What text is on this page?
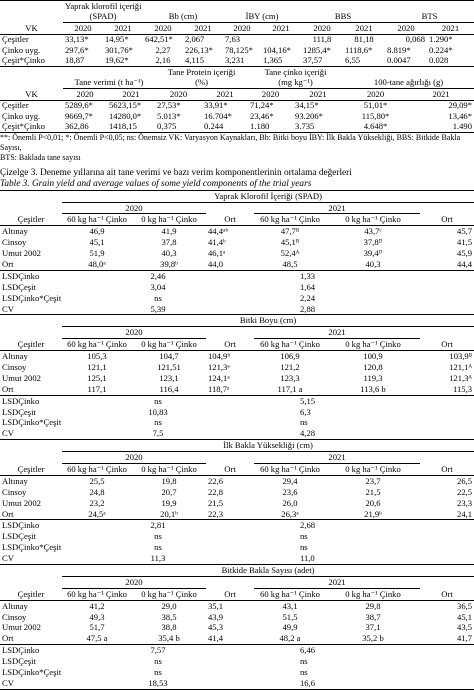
VK	Yaprak klorofil içeriği		Bb (cm)		İBY (cm)		BBS		BTS	
	(SPAD)									
	2020	2021	2020	2021	2020	2021	2020	2021	2020	2021
Çeşitler	33,13*	14,95*	642,51*	2,067	7,63		111,8	81,18	0,068	1.290*
Çinko uyg.	297,6*	301,76*	2,27	226,13*	78,125*	104,16*	1285,4*	1118,6*	8.819*	0.224*
Çeşit*Çinko	18,87	19,62*	2,16	4,115	3,231	1,365	37,57	6,55	0.0047	0.028
VK	Tane verimi (t ha⁻¹)		Tane Protein içeriği		Tane çinko içeriği		100-tane ağırlığı (g)	
			(%)		(mg kg⁻¹)			
	2020	2021	2020	2021	2020	2021	2020	2021
Çeşitler	5289,6*	5623,15*	27,53*	33,91*	71,24*	34,15*	51,01*	29,09*
Çinko uyg.	9669,7*	14280,0*	5.013*	16.704*	23,46*	93.206*	115,80*	13,46*
Çeşit*Çinko	362,86	1418,15	0,375	0.244	1.180	3.735	4.648*	1.490
**: Önemli P<0,01; *: Önemli P<0,05; ns: Önemsiz VK: Varyasyon Kaynakları, Bb: Bitki boyu İBY: İlk Bakla Yüksekliği, BBS: Bitkide Bakla Sayısı,
BTS: Baklada tane sayısı
Çizelge 3. Deneme yıllarına ait tane verimi ve bazı verim komponentlerinin ortalama değerleri
Table 3. Grain yield and average values of some yield components of the trial years
	Yaprak Klorofil İçeriği (SPAD)					
Çeşitler	2020		Ort	2021		Ort
	60 kg ha⁻¹ Çinko	0 kg ha⁻¹ Çinko		60 kg ha⁻¹ Çinko	0 kg ha⁻¹ Çinko	
Altınay	46,9	41,9	44,4ᵃᵇ	47,7ᴮ	43,7ᶜ	45,7
Cinsoy	45,1	37,8	41,4ᵇ	45,1ᴮ	37,8ᴰ	41,5
Umut 2002	51,9	40,3	46,1ᵃ	52,4ᴬ	39,4ᴰ	45,9
Ort	48,0ᵃ	39,8ᵇ	44,0	48,5	40,3	44,4
LSDÇinko	2,46			1,33		
LSDÇeşit	3,04			1,64		
LSDÇinko*Çeşit	ns			2,24		
CV	5,39			2,88		
	Bitki Boyu (cm)					
Çeşitler	2020		Ort	2021		Ort
	60 kg ha⁻¹ Çinko	0 kg ha⁻¹ Çinko		60 kg ha⁻¹ Çinko	0 kg ha⁻¹ Çinko	
Altınay	105,3	104,7	104,9ᵇ	106,9	100,9	103,9ᴮ
Cinsoy	121,1	121,51	121,3ᵃ	121,2	120,8	121,1ᴬ
Umut 2002	125,1	123,1	124,1ᵃ	123,3	119,3	121,3ᴬ
Ort	117,1	116,4	118,7ᵃ	117,1 a	113,6 b	115,3
LSDÇinko	ns			5,15		
LSDÇeşit	10,83			6,3		
LSDÇinko*Çeşit	ns			ns		
CV	7,5			4,28		
	İlk Bakla Yüksekliği (cm)					
Çeşitler	2020		Ort	2021		Ort
	60 kg ha⁻¹ Çinko	0 kg ha⁻¹ Çinko		60 kg ha⁻¹ Çinko	0 kg ha⁻¹ Çinko	
Altınay	25,5	19,8	22,6	29,4	23,7	26,5
Cinsoy	24,8	20,7	22,8	23,6	21,5	22,5
Umut 2002	23,2	19,9	21,5	26,0	20,6	23,3
Ort	24,5ᵃ	20,1ᵇ	22,3	26,3ᵃ	21,9ᵇ	24,1
LSDÇinko	2,81			2,68		
LSDÇeşit	ns			ns		
LSDÇinko*Çeşit	ns			ns		
CV	11,3			11,0		
	Bitkide Bakla Sayısı (adet)					
Çeşitler	2020		Ort	2021		Ort
	60 kg ha⁻¹ Çinko	0 kg ha⁻¹ Çinko		60 kg ha⁻¹ Çinko	0 kg ha⁻¹ Çinko	
Altınay	41,2	29,0	35,1	43,1	29,8	36,5
Cinsoy	49,3	38,5	43,9	51,5	38,7	45,1
Umut 2002	51,7	38,8	45,3	49,9	37,1	43,5
Ort	47,5 a	35,4 b	41,4	48,2 a	35,2 b	41,7
LSDÇinko	7,57			6,46		
LSDÇeşit	ns			ns		
LSDÇinko*Çeşit	ns			ns		
CV	18,53			16,6		
